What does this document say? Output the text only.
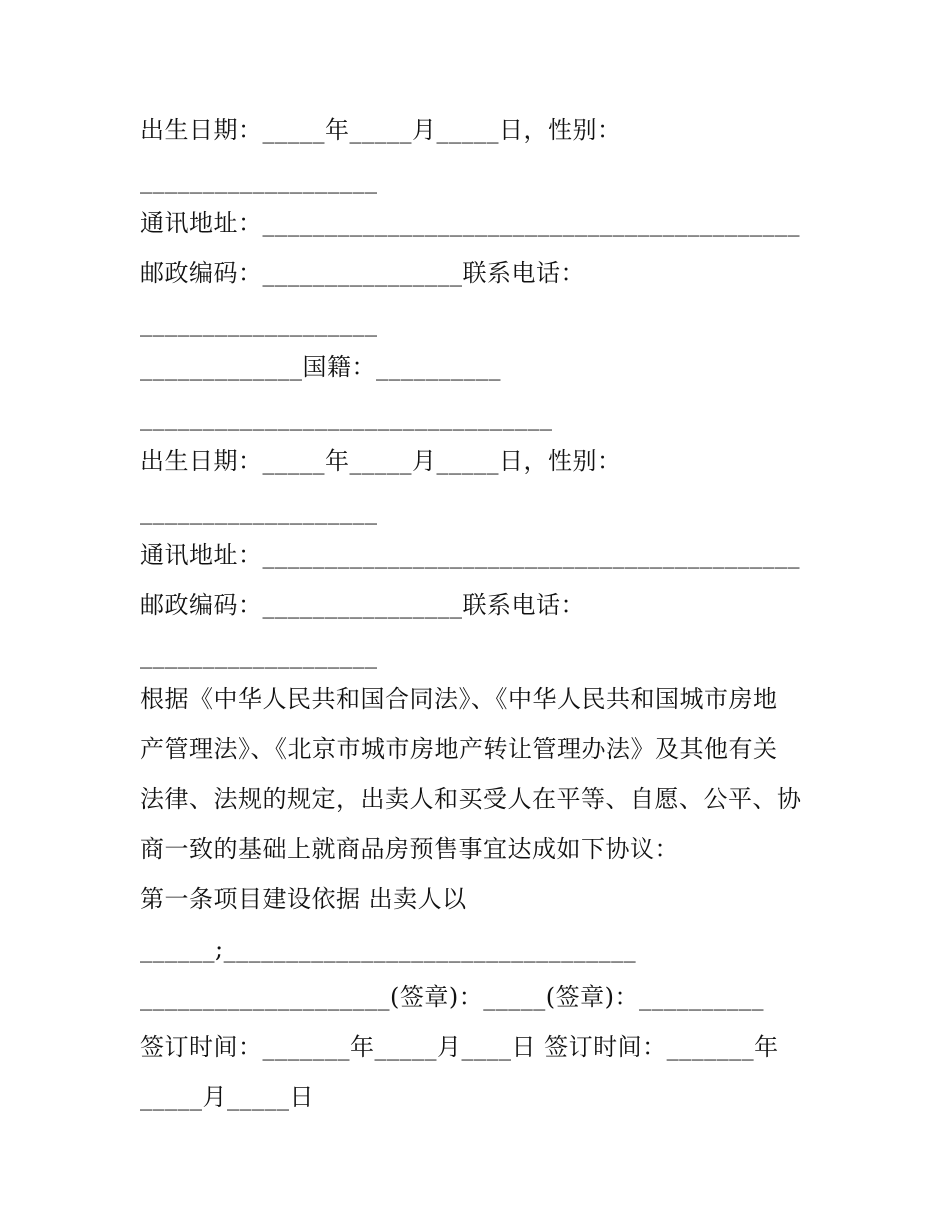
出生日期：_____年_____月_____日，性别：
___________________
通讯地址：___________________________________________
邮政编码：________________联系电话：
___________________
_____________国籍：__________
_________________________________
出生日期：_____年_____月_____日，性别：
___________________
通讯地址：___________________________________________
邮政编码：________________联系电话：
___________________
根据《中华人民共和国合同法》、《中华人民共和国城市房地
产管理法》、《北京市城市房地产转让管理办法》及其他有关
法律、法规的规定，出卖人和买受人在平等、自愿、公平、协
商一致的基础上就商品房预售事宜达成如下协议：
第一条项目建设依据 出卖人以
______;_________________________________
____________________(签章)：_____(签章)：__________
签订时间：_______年_____月____日 签订时间：_______年
_____月_____日
